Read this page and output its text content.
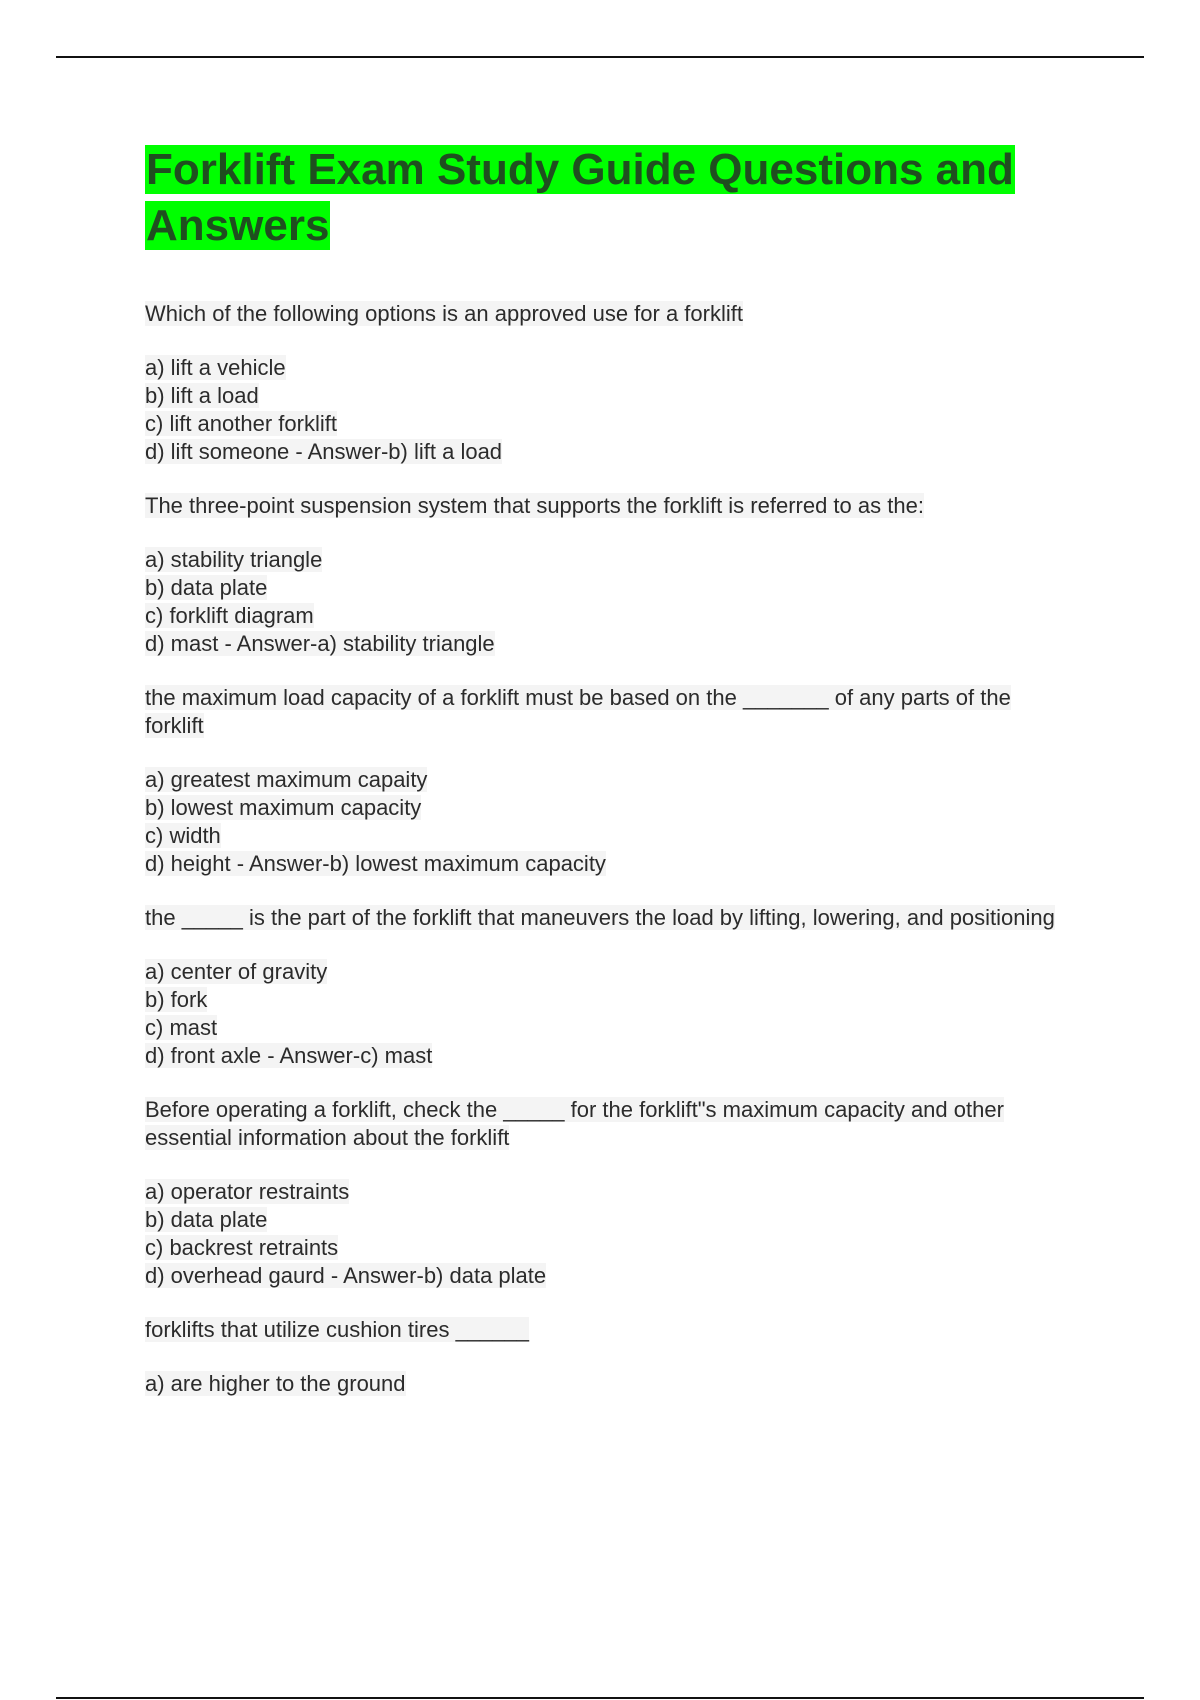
Forklift Exam Study Guide Questions and Answers

Which of the following options is an approved use for a forklift

a) lift a vehicle
b) lift a load
c) lift another forklift
d) lift someone - Answer-b) lift a load

The three-point suspension system that supports the forklift is referred to as the:

a) stability triangle
b) data plate
c) forklift diagram
d) mast - Answer-a) stability triangle

the maximum load capacity of a forklift must be based on the _______ of any parts of the forklift

a) greatest maximum capaity
b) lowest maximum capacity
c) width
d) height - Answer-b) lowest maximum capacity

the _____ is the part of the forklift that maneuvers the load by lifting, lowering, and positioning

a) center of gravity
b) fork
c) mast
d) front axle - Answer-c) mast

Before operating a forklift, check the _____ for the forklift"s maximum capacity and other essential information about the forklift

a) operator restraints
b) data plate
c) backrest retraints
d) overhead gaurd - Answer-b) data plate

forklifts that utilize cushion tires ______

a) are higher to the ground
